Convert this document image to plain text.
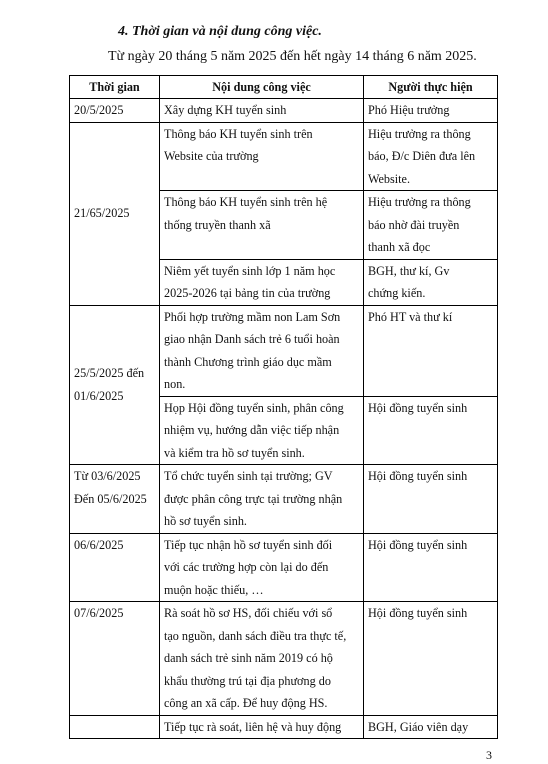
4. Thời gian và nội dung công việc.
Từ ngày 20 tháng 5 năm 2025 đến hết ngày 14 tháng 6 năm 2025.
Thời gian	Nội dung công việc	Người thực hiện

20/5/2025	Xây dựng KH tuyển sinh	Phó Hiệu trưởng

21/65/2025	Thông báo KH tuyển sinh trên
Website của trường	Hiệu trưởng ra thông
báo, Đ/c Diên đưa lên
Website.

	Thông báo KH tuyển sinh trên hệ
thống truyền thanh xã	Hiệu trưởng ra thông
báo nhờ đài truyền
thanh xã đọc

	Niêm yết tuyển sinh lớp 1 năm học
2025-2026 tại bảng tin của trường	BGH, thư kí, Gv
chứng kiến.

25/5/2025 đến
01/6/2025	Phối hợp trường mầm non Lam Sơn
giao nhận Danh sách trẻ 6 tuổi hoàn
thành Chương trình giáo dục mầm
non.	Phó HT và thư kí

	Họp Hội đồng tuyển sinh, phân công
nhiệm vụ, hướng dẫn việc tiếp nhận
và kiểm tra hồ sơ tuyển sinh.	Hội đồng tuyển sinh

Từ 03/6/2025
Đến 05/6/2025	Tổ chức tuyển sinh tại trường; GV
được phân công trực tại trường nhận
hồ sơ tuyển sinh.	Hội đồng tuyển sinh

06/6/2025	Tiếp tục nhận hồ sơ tuyển sinh đối
với các trường hợp còn lại do đến
muộn hoặc thiếu, …	Hội đồng tuyển sinh

07/6/2025	Rà soát hồ sơ HS, đối chiếu với sổ
tạo nguồn, danh sách điều tra thực tế,
danh sách trẻ sinh năm 2019 có hộ
khẩu thường trú tại địa phương do
công an xã cấp. Để huy động HS.	Hội đồng tuyển sinh

	Tiếp tục rà soát, liên hệ và huy động	BGH, Giáo viên dạy
3
